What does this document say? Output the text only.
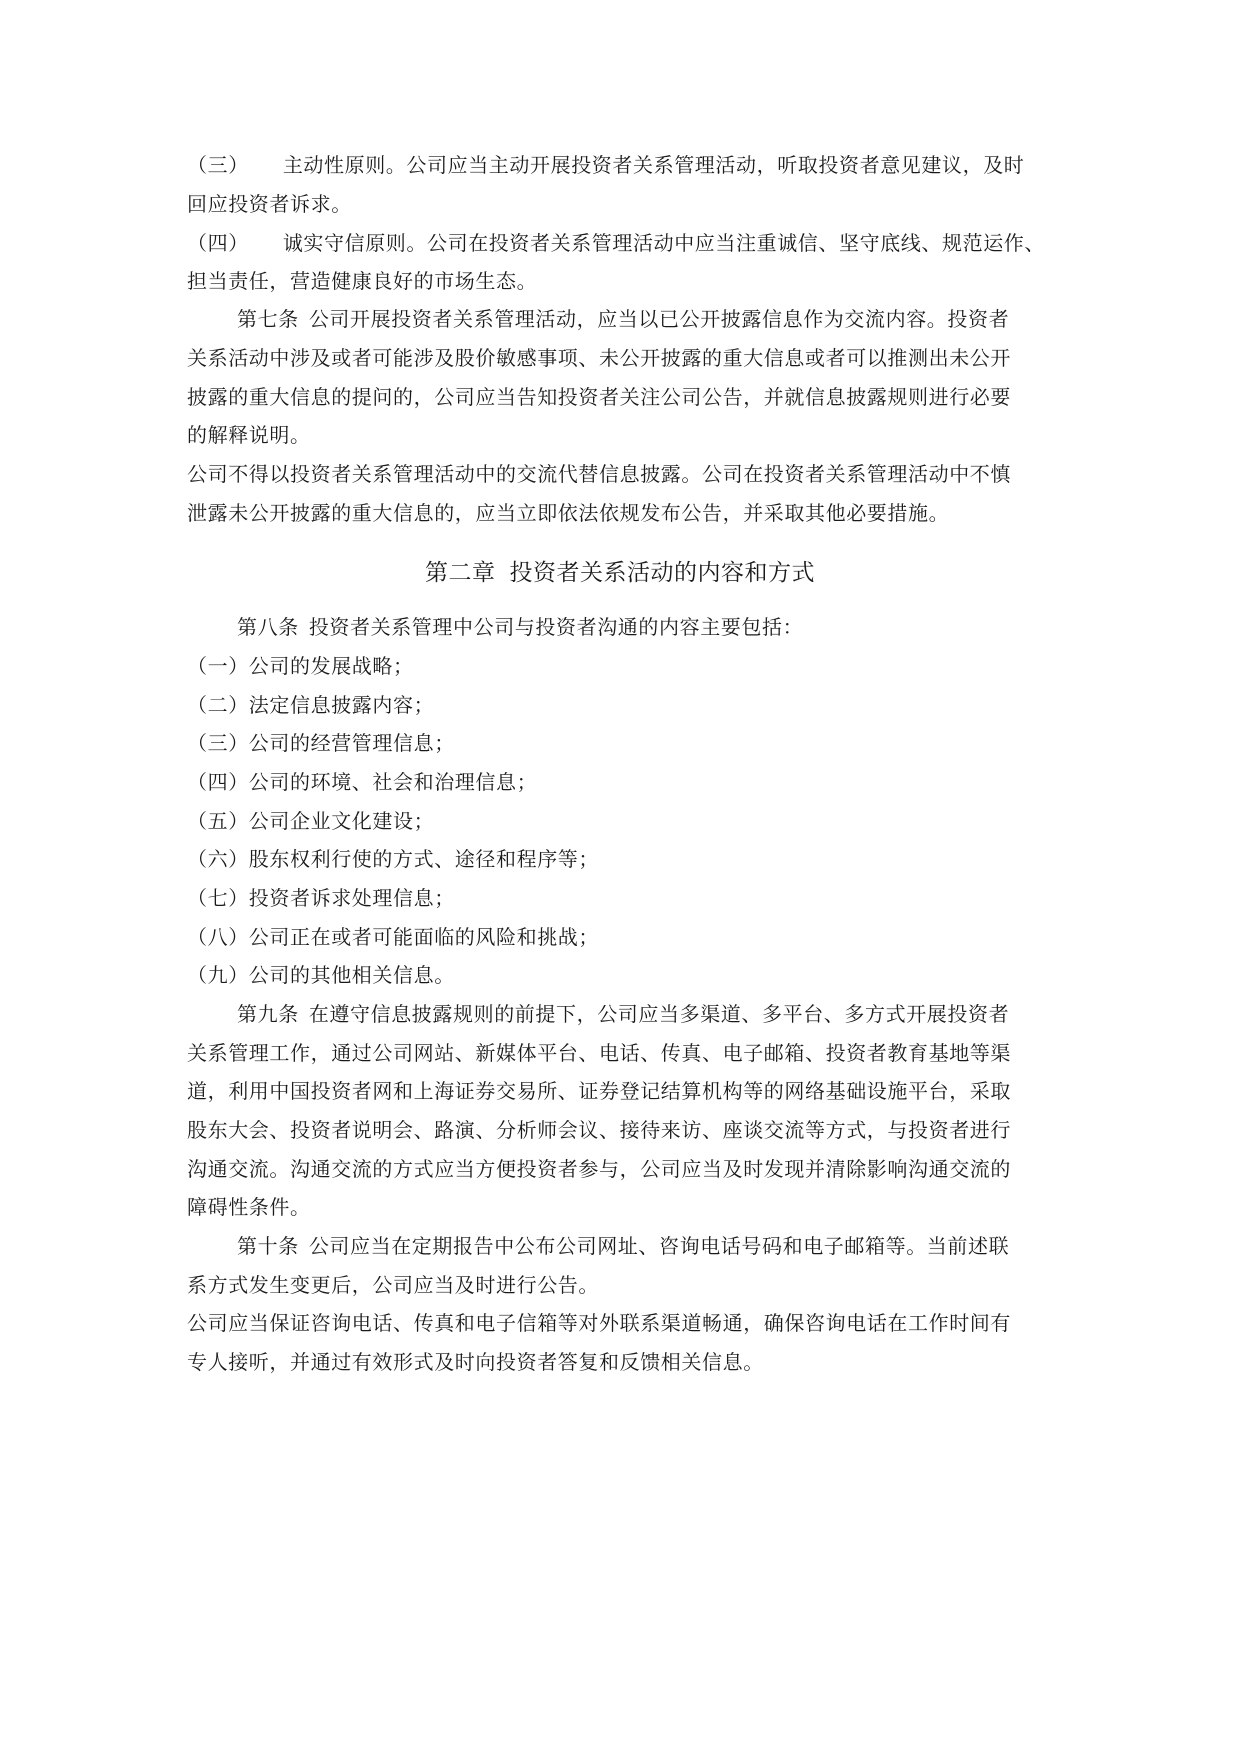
（三） 主动性原则。公司应当主动开展投资者关系管理活动，听取投资者意见建议，及时
回应投资者诉求。
（四） 诚实守信原则。公司在投资者关系管理活动中应当注重诚信、坚守底线、规范运作、
担当责任，营造健康良好的市场生态。
第七条 公司开展投资者关系管理活动，应当以已公开披露信息作为交流内容。投资者
关系活动中涉及或者可能涉及股价敏感事项、未公开披露的重大信息或者可以推测出未公开
披露的重大信息的提问的，公司应当告知投资者关注公司公告，并就信息披露规则进行必要
的解释说明。
公司不得以投资者关系管理活动中的交流代替信息披露。公司在投资者关系管理活动中不慎
泄露未公开披露的重大信息的，应当立即依法依规发布公告，并采取其他必要措施。
第二章 投资者关系活动的内容和方式
第八条 投资者关系管理中公司与投资者沟通的内容主要包括：
（一）公司的发展战略；
（二）法定信息披露内容；
（三）公司的经营管理信息；
（四）公司的环境、社会和治理信息；
（五）公司企业文化建设；
（六）股东权利行使的方式、途径和程序等；
（七）投资者诉求处理信息；
（八）公司正在或者可能面临的风险和挑战；
（九）公司的其他相关信息。
第九条 在遵守信息披露规则的前提下，公司应当多渠道、多平台、多方式开展投资者
关系管理工作，通过公司网站、新媒体平台、电话、传真、电子邮箱、投资者教育基地等渠
道，利用中国投资者网和上海证券交易所、证券登记结算机构等的网络基础设施平台，采取
股东大会、投资者说明会、路演、分析师会议、接待来访、座谈交流等方式，与投资者进行
沟通交流。沟通交流的方式应当方便投资者参与，公司应当及时发现并清除影响沟通交流的
障碍性条件。
第十条 公司应当在定期报告中公布公司网址、咨询电话号码和电子邮箱等。当前述联
系方式发生变更后，公司应当及时进行公告。
公司应当保证咨询电话、传真和电子信箱等对外联系渠道畅通，确保咨询电话在工作时间有
专人接听，并通过有效形式及时向投资者答复和反馈相关信息。
